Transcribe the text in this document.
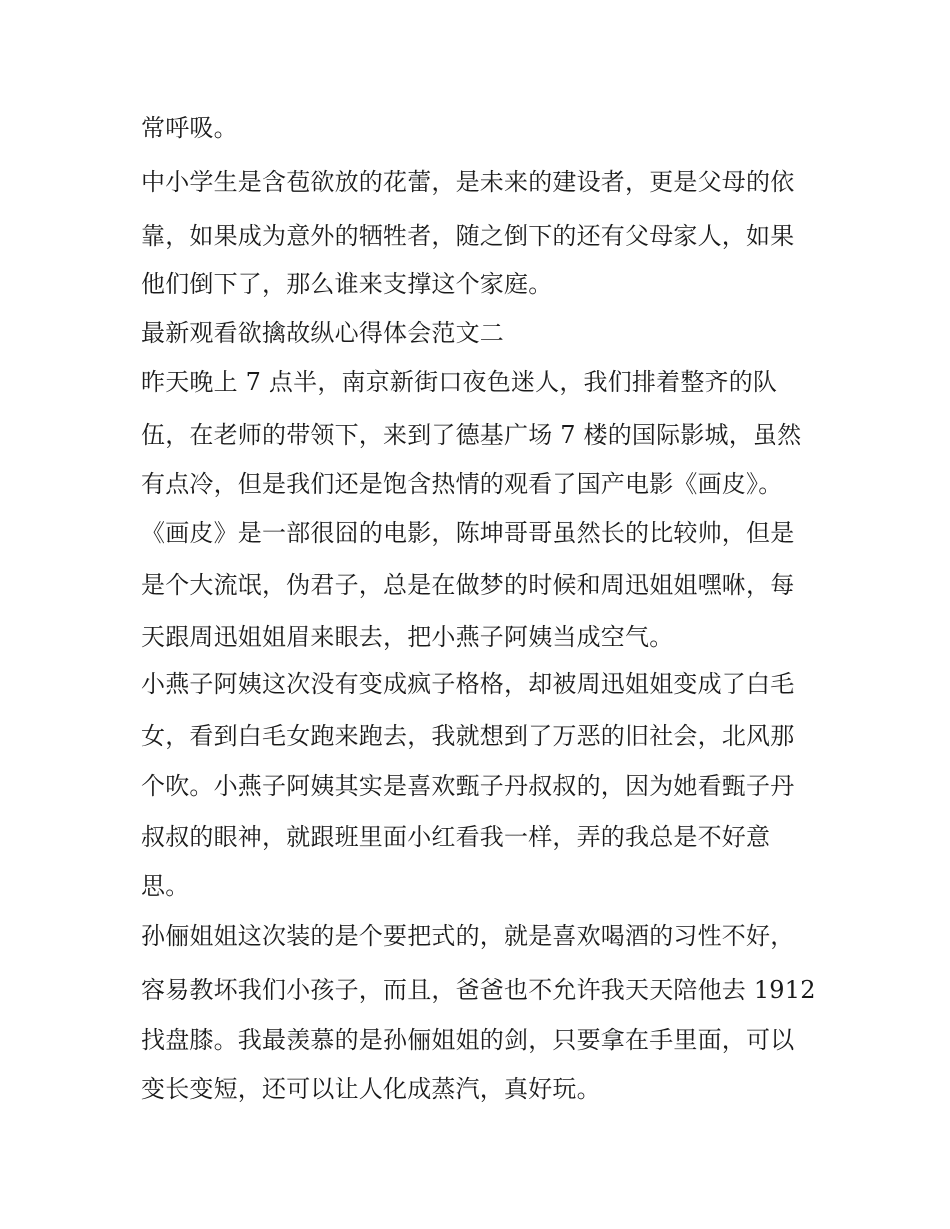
常呼吸。
中小学生是含苞欲放的花蕾，是未来的建设者，更是父母的依
靠，如果成为意外的牺牲者，随之倒下的还有父母家人，如果
他们倒下了，那么谁来支撑这个家庭。
最新观看欲擒故纵心得体会范文二
昨天晚上 7 点半，南京新街口夜色迷人，我们排着整齐的队
伍，在老师的带领下，来到了德基广场 7 楼的国际影城，虽然
有点冷，但是我们还是饱含热情的观看了国产电影《画皮》。
《画皮》是一部很囧的电影，陈坤哥哥虽然长的比较帅，但是
是个大流氓，伪君子，总是在做梦的时候和周迅姐姐嘿咻，每
天跟周迅姐姐眉来眼去，把小燕子阿姨当成空气。
小燕子阿姨这次没有变成疯子格格，却被周迅姐姐变成了白毛
女，看到白毛女跑来跑去，我就想到了万恶的旧社会，北风那
个吹。小燕子阿姨其实是喜欢甄子丹叔叔的，因为她看甄子丹
叔叔的眼神，就跟班里面小红看我一样，弄的我总是不好意
思。
孙俪姐姐这次装的是个要把式的，就是喜欢喝酒的习性不好，
容易教坏我们小孩子，而且，爸爸也不允许我天天陪他去 1912
找盘膝。我最羡慕的是孙俪姐姐的剑，只要拿在手里面，可以
变长变短，还可以让人化成蒸汽，真好玩。
